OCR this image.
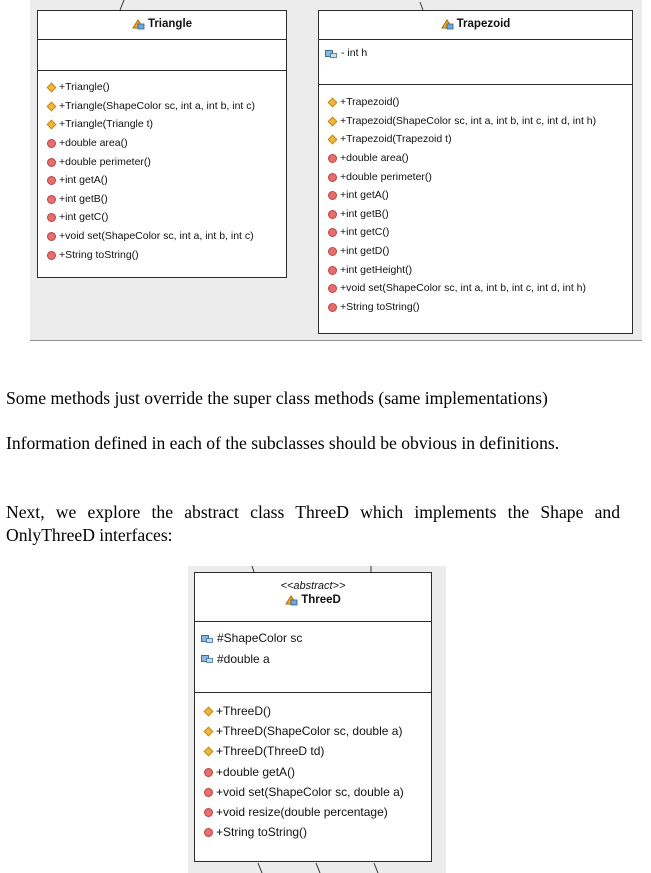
Triangle
+Triangle()
+Triangle(ShapeColor sc, int a, int b, int c)
+Triangle(Triangle t)
+double area()
+double perimeter()
+int getA()
+int getB()
+int getC()
+void set(ShapeColor sc, int a, int b, int c)
+String toString()
Trapezoid
- int h
+Trapezoid()
+Trapezoid(ShapeColor sc, int a, int b, int c, int d, int h)
+Trapezoid(Trapezoid t)
+double area()
+double perimeter()
+int getA()
+int getB()
+int getC()
+int getD()
+int getHeight()
+void set(ShapeColor sc, int a, int b, int c, int d, int h)
+String toString()
Some methods just override the super class methods (same implementations)
Information defined in each of the subclasses should be obvious in definitions.
Next, we explore the abstract class ThreeD which implements the Shape and OnlyThreeD interfaces:
<<abstract>>
ThreeD
#ShapeColor sc
#double a
+ThreeD()
+ThreeD(ShapeColor sc, double a)
+ThreeD(ThreeD td)
+double getA()
+void set(ShapeColor sc, double a)
+void resize(double percentage)
+String toString()
